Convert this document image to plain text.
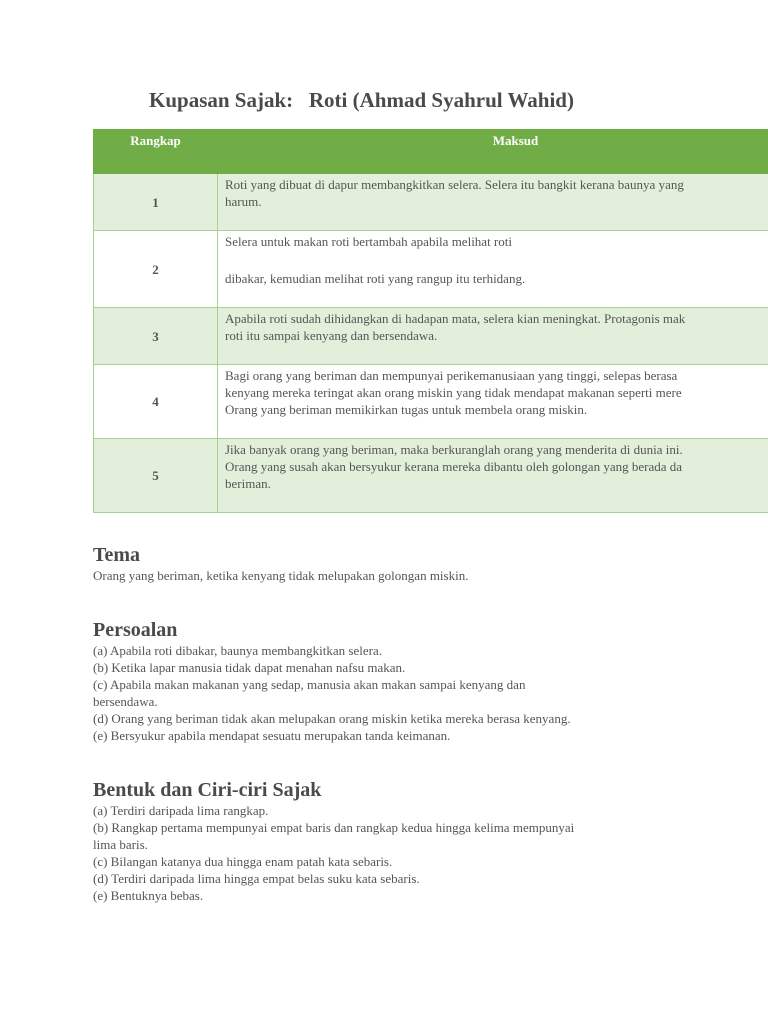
Kupasan Sajak:   Roti (Ahmad Syahrul Wahid)
Rangkap	Maksud
1	Roti yang dibuat di dapur membangkitkan selera. Selera itu bangkit kerana baunya yang
harum.

2	Selera untuk makan roti bertambah apabila melihat roti
dibakar, kemudian melihat roti yang rangup itu terhidang.

3	Apabila roti sudah dihidangkan di hadapan mata, selera kian meningkat. Protagonis mak
roti itu sampai kenyang dan bersendawa.

4	Bagi orang yang beriman dan mempunyai perikemanusiaan yang tinggi, selepas berasa
kenyang mereka teringat akan orang miskin yang tidak mendapat makanan seperti mere
Orang yang beriman memikirkan tugas untuk membela orang miskin.

5	Jika banyak orang yang beriman, maka berkuranglah orang yang menderita di dunia ini.
Orang yang susah akan bersyukur kerana mereka dibantu oleh golongan yang berada da
beriman.
Tema

Orang yang beriman, ketika kenyang tidak melupakan golongan miskin.

Persoalan

(a) Apabila roti dibakar, baunya membangkitkan selera.

(b) Ketika lapar manusia tidak dapat menahan nafsu makan.

(c) Apabila makan makanan yang sedap, manusia akan makan sampai kenyang dan

bersendawa.

(d) Orang yang beriman tidak akan melupakan orang miskin ketika mereka berasa kenyang.

(e) Bersyukur apabila mendapat sesuatu merupakan tanda keimanan.

Bentuk dan Ciri-ciri Sajak

(a) Terdiri daripada lima rangkap.

(b) Rangkap pertama mempunyai empat baris dan rangkap kedua hingga kelima mempunyai

lima baris.

(c) Bilangan katanya dua hingga enam patah kata sebaris.

(d) Terdiri daripada lima hingga empat belas suku kata sebaris.

(e) Bentuknya bebas.
